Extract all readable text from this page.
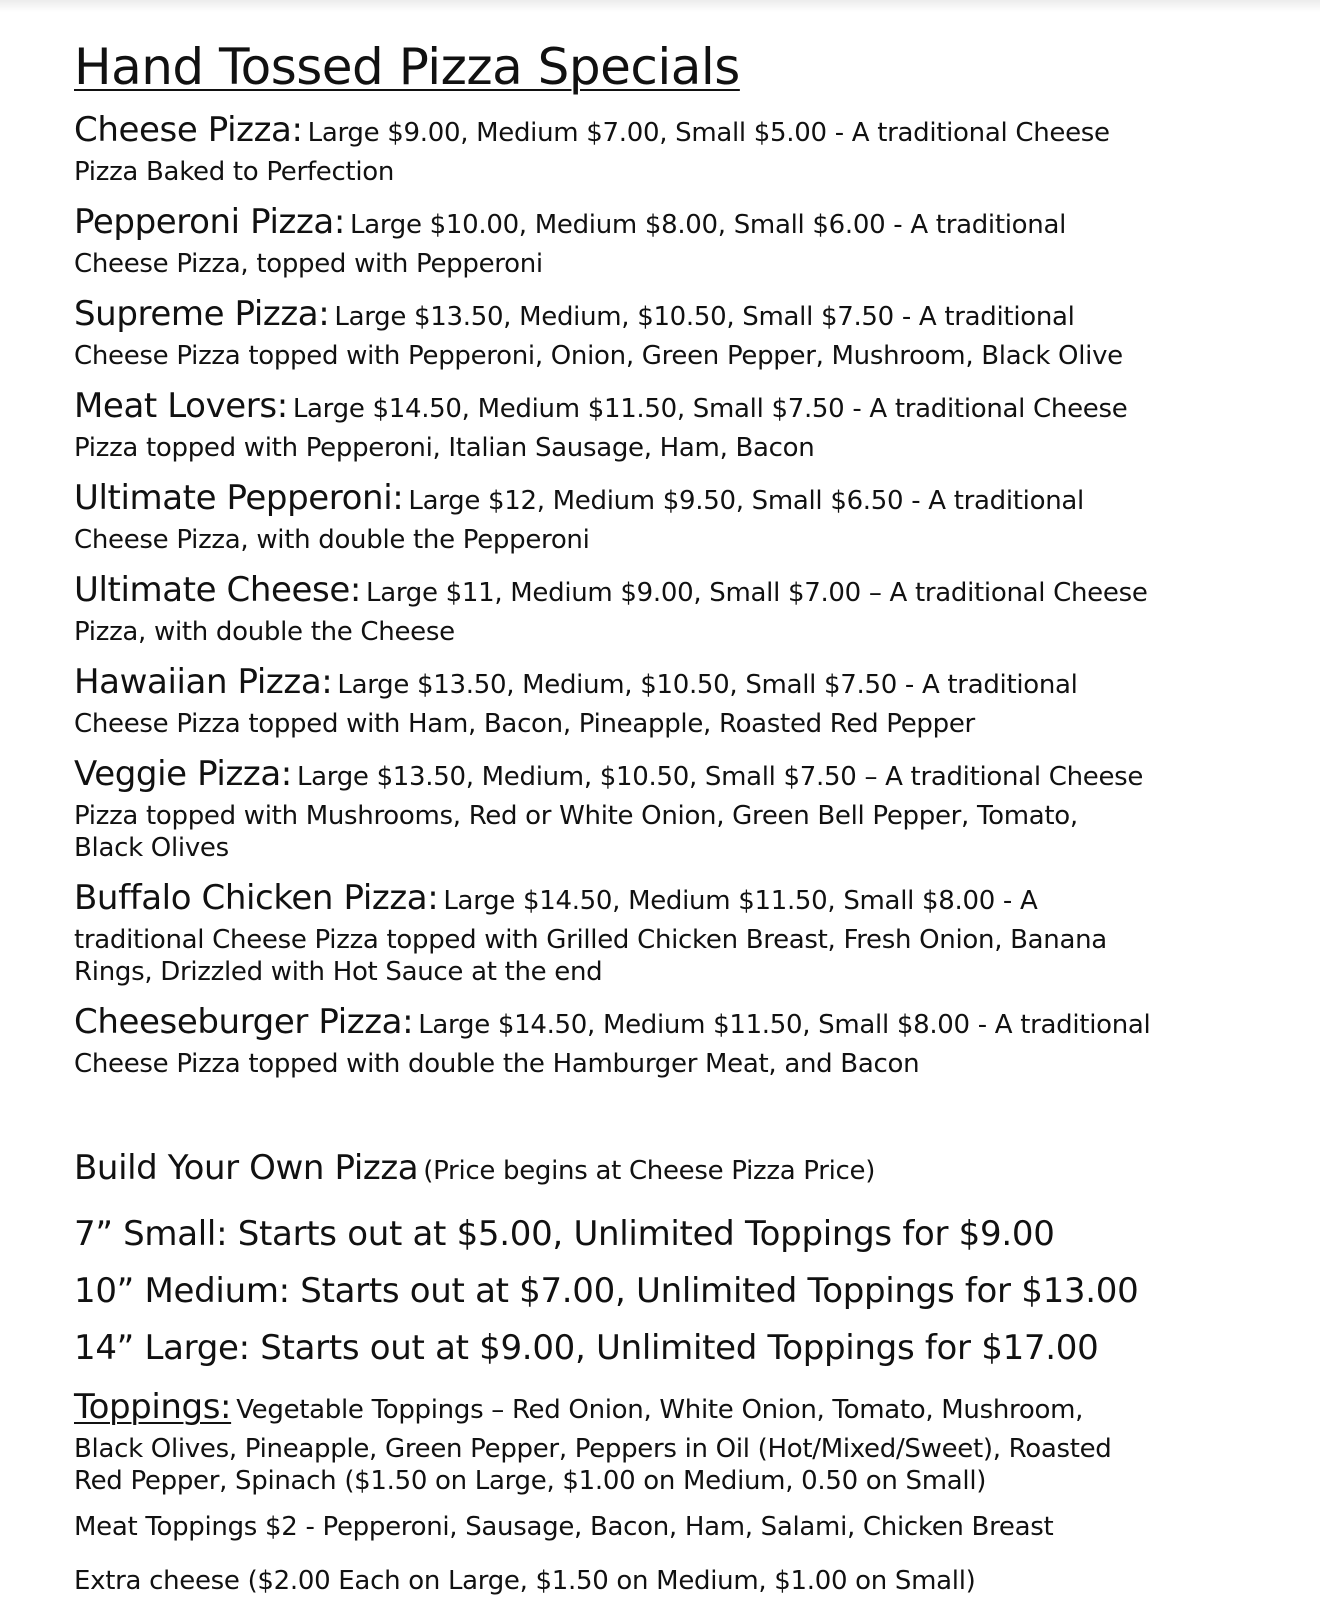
Hand Tossed Pizza Specials
Cheese Pizza: Large $9.00, Medium $7.00, Small $5.00 - A traditional Cheese
Pizza Baked to Perfection
Pepperoni Pizza: Large $10.00, Medium $8.00, Small $6.00 - A traditional
Cheese Pizza, topped with Pepperoni
Supreme Pizza: Large $13.50, Medium, $10.50, Small $7.50 - A traditional
Cheese Pizza topped with Pepperoni, Onion, Green Pepper, Mushroom, Black Olive
Meat Lovers: Large $14.50, Medium $11.50, Small $7.50 - A traditional Cheese
Pizza topped with Pepperoni, Italian Sausage, Ham, Bacon
Ultimate Pepperoni: Large $12, Medium $9.50, Small $6.50 - A traditional
Cheese Pizza, with double the Pepperoni
Ultimate Cheese: Large $11, Medium $9.00, Small $7.00 – A traditional Cheese
Pizza, with double the Cheese
Hawaiian Pizza: Large $13.50, Medium, $10.50, Small $7.50 - A traditional
Cheese Pizza topped with Ham, Bacon, Pineapple, Roasted Red Pepper
Veggie Pizza: Large $13.50, Medium, $10.50, Small $7.50 – A traditional Cheese
Pizza topped with Mushrooms, Red or White Onion, Green Bell Pepper, Tomato,
Black Olives
Buffalo Chicken Pizza: Large $14.50, Medium $11.50, Small $8.00 - A
traditional Cheese Pizza topped with Grilled Chicken Breast, Fresh Onion, Banana
Rings, Drizzled with Hot Sauce at the end
Cheeseburger Pizza: Large $14.50, Medium $11.50, Small $8.00 - A traditional
Cheese Pizza topped with double the Hamburger Meat, and Bacon
Build Your Own Pizza (Price begins at Cheese Pizza Price)
7” Small: Starts out at $5.00, Unlimited Toppings for $9.00
10” Medium: Starts out at $7.00, Unlimited Toppings for $13.00
14” Large: Starts out at $9.00, Unlimited Toppings for $17.00
Toppings: Vegetable Toppings – Red Onion, White Onion, Tomato, Mushroom,
Black Olives, Pineapple, Green Pepper, Peppers in Oil (Hot/Mixed/Sweet), Roasted
Red Pepper, Spinach ($1.50 on Large, $1.00 on Medium, 0.50 on Small)
Meat Toppings $2 - Pepperoni, Sausage, Bacon, Ham, Salami, Chicken Breast
Extra cheese ($2.00 Each on Large, $1.50 on Medium, $1.00 on Small)
